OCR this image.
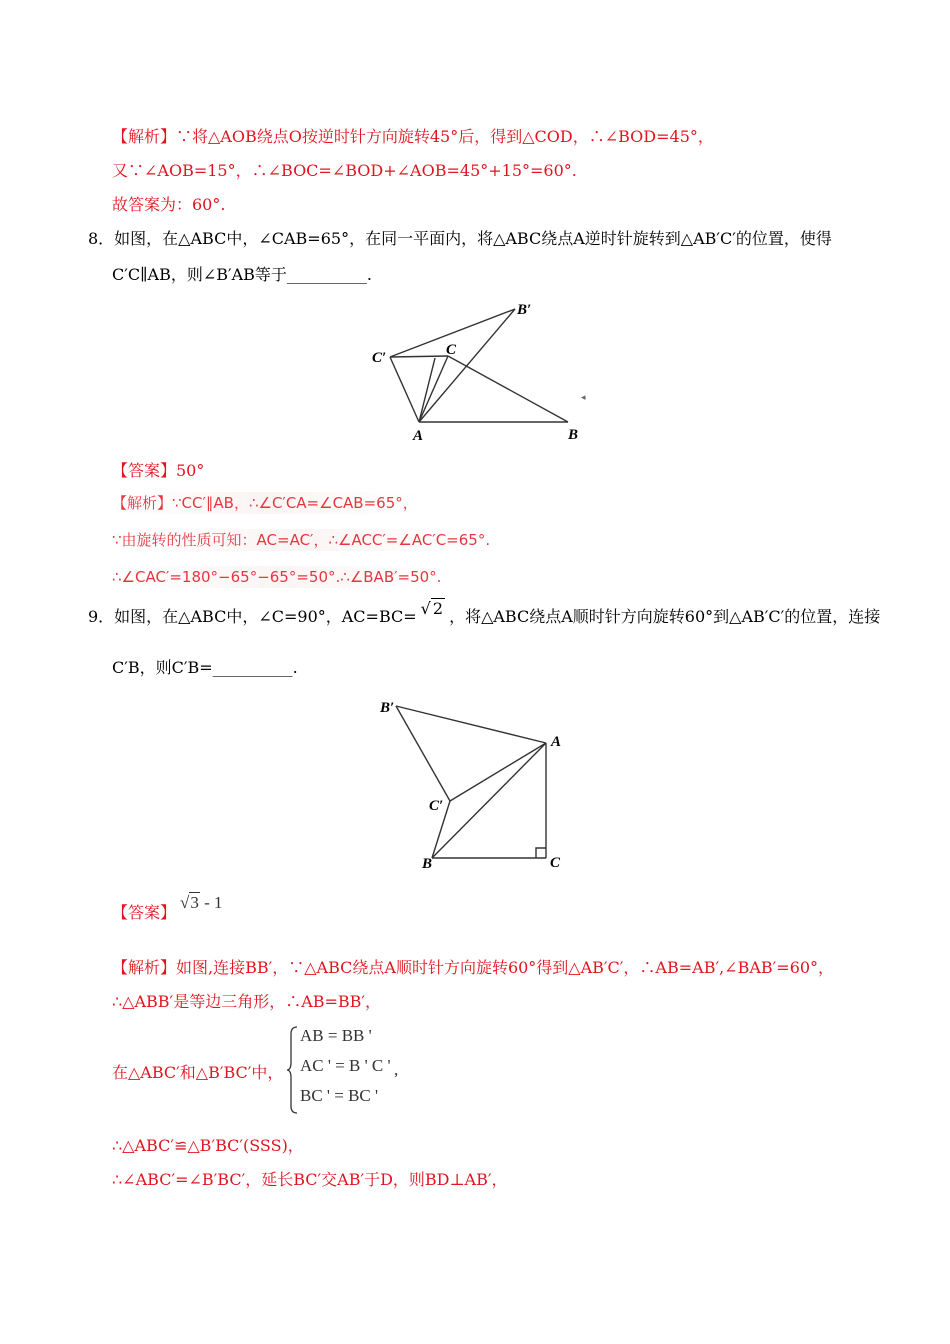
【解析】∵将△AOB绕点O按逆时针方向旋转45°后，得到△COD，∴∠BOD=45°，
又∵∠AOB=15°，∴∠BOC=∠BOD+∠AOB=45°+15°=60°.
故答案为：60°.
8．如图，在△ABC中，∠CAB=65°，在同一平面内，将△ABC绕点A逆时针旋转到△AB′C′的位置，使得
C′C∥AB，则∠B′AB等于__________.
B′
C′	C
A	B
◂
【答案】50°
【解析】∵CC′∥AB，∴∠C′CA=∠CAB=65°，
∵由旋转的性质可知：AC=AC′，∴∠ACC′=∠AC′C=65°.
∴∠CAC′=180°−65°−65°=50°.∴∠BAB′=50°.
9．如图，在△ABC中，∠C=90°，AC=BC= √ 2 ，将△ABC绕点A顺时针方向旋转60°到△AB′C′的位置，连接
C′B，则C′B=__________.
B′
A
C′
B	C
【答案】√3 - 1
【解析】如图,连接BB′，∵△ABC绕点A顺时针方向旋转60°得到△AB′C′，∴AB=AB′,∠BAB′=60°，
∴△ABB′是等边三角形，∴AB=BB′，
在△ABC′和△B′BC′中，
AB = BB '
AC ' = B ' C '
BC ' = BC '
,
∴△ABC′≌△B′BC′(SSS)，
∴∠ABC′=∠B′BC′，延长BC′交AB′于D，则BD⊥AB′，
